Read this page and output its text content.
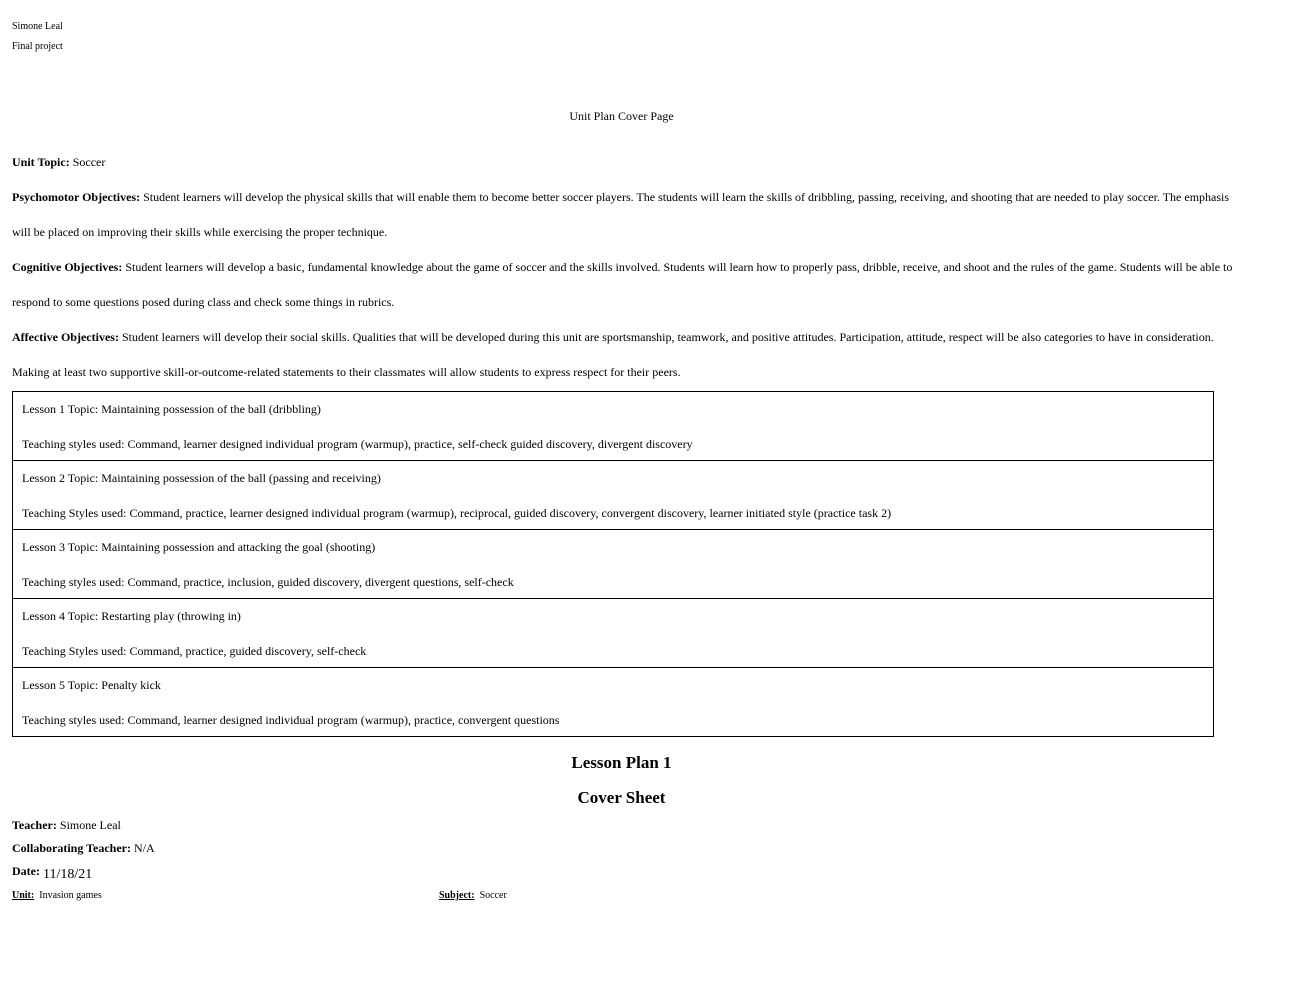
Simone Leal
Final project
Unit Plan Cover Page

Unit Topic: Soccer

Psychomotor Objectives: Student learners will develop the physical skills that will enable them to become better soccer players. The students will learn the skills of dribbling, passing, receiving, and shooting that are needed to play soccer. The emphasis will be placed on improving their skills while exercising the proper technique.

Cognitive Objectives: Student learners will develop a basic, fundamental knowledge about the game of soccer and the skills involved. Students will learn how to properly pass, dribble, receive, and shoot and the rules of the game. Students will be able to respond to some questions posed during class and check some things in rubrics.

Affective Objectives: Student learners will develop their social skills. Qualities that will be developed during this unit are sportsmanship, teamwork, and positive attitudes. Participation, attitude, respect will be also categories to have in consideration. Making at least two supportive skill-or-outcome-related statements to their classmates will allow students to express respect for their peers.

Lesson 1 Topic: Maintaining possession of the ball (dribbling)
Teaching styles used: Command, learner designed individual program (warmup), practice, self-check guided discovery, divergent discovery
Lesson 2 Topic: Maintaining possession of the ball (passing and receiving)
Teaching Styles used: Command, practice, learner designed individual program (warmup), reciprocal, guided discovery, convergent discovery, learner initiated style (practice task 2)
Lesson 3 Topic: Maintaining possession and attacking the goal (shooting)
Teaching styles used: Command, practice, inclusion, guided discovery, divergent questions, self-check
Lesson 4 Topic: Restarting play (throwing in)
Teaching Styles used: Command, practice, guided discovery, self-check
Lesson 5 Topic: Penalty kick
Teaching styles used: Command, learner designed individual program (warmup), practice, convergent questions
Lesson Plan 1
Cover Sheet
Teacher: Simone Leal
Collaborating Teacher: N/A
Date: 11/18/21
Unit: Invasion games	Subject: Soccer
